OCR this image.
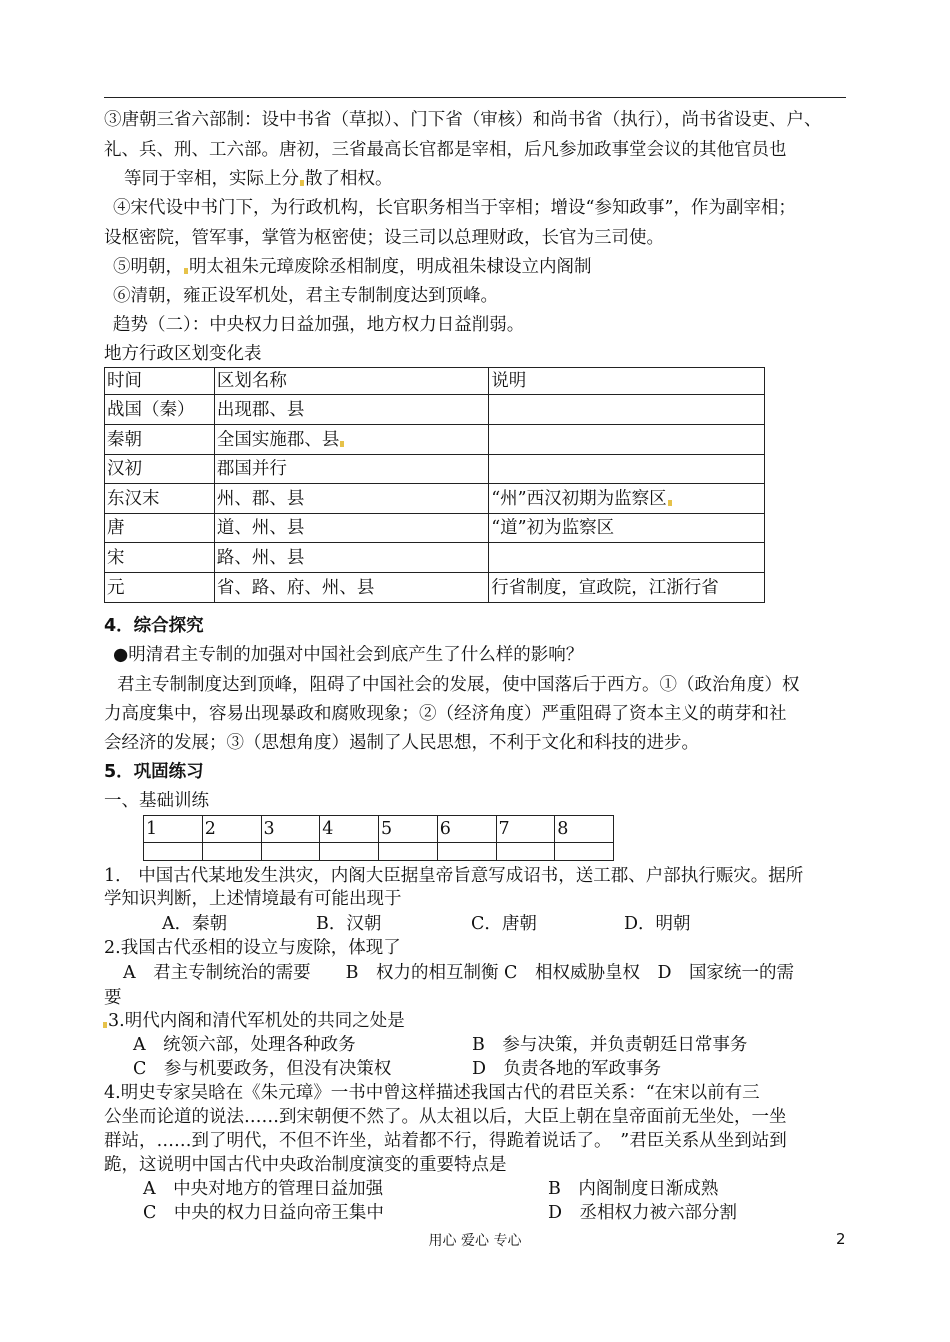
③唐朝三省六部制：设中书省（草拟）、门下省（审核）和尚书省（执行），尚书省设吏、户、
礼、兵、刑、工六部。唐初，三省最高长官都是宰相，后凡参加政事堂会议的其他官员也
等同于宰相，实际上分 散了相权。
④宋代设中书门下，为行政机构，长官职务相当于宰相；增设“参知政事”，作为副宰相；
设枢密院，管军事，掌管为枢密使；设三司以总理财政，长官为三司使。
⑤明朝， 明太祖朱元璋废除丞相制度，明成祖朱棣设立内阁制
⑥清朝，雍正设军机处，君主专制制度达到顶峰。
趋势（二）：中央权力日益加强，地方权力日益削弱。
地方行政区划变化表
时间	区划名称	说明
战国（秦）	出现郡、县	
秦朝	全国实施郡、县	
汉初	郡国并行	
东汉末	州、郡、县	“州”西汉初期为监察区
唐	道、州、县	“道”初为监察区
宋	路、州、县	
元	省、路、府、州、县	行省制度，宣政院，江浙行省
4．综合探究
●明清君主专制的加强对中国社会到底产生了什么样的影响？
君主专制制度达到顶峰，阻碍了中国社会的发展，使中国落后于西方。①（政治角度）权
力高度集中，容易出现暴政和腐败现象；②（经济角度）严重阻碍了资本主义的萌芽和社
会经济的发展；③（思想角度）遏制了人民思想，不利于文化和科技的进步。
5．巩固练习
一、基础训练
1	2	3	4	5	6	7	8

1． 中国古代某地发生洪灾，内阁大臣据皇帝旨意写成诏书，送工郡、户部执行赈灾。据所
学知识判断，上述情境最有可能出现于
A．秦朝	B．汉朝	C．唐朝	D．明朝
2.我国古代丞相的设立与废除，体现了
A　君主专制统治的需要　　B　权力的相互制衡 C　相权威胁皇权　D　国家统一的需
要
3.明代内阁和清代军机处的共同之处是
A　统领六部，处理各种政务	B　参与决策，并负责朝廷日常事务
C　参与机要政务，但没有决策权	D　负责各地的军政事务
4.明史专家吴晗在《朱元璋》一书中曾这样描述我国古代的君臣关系：“在宋以前有三
公坐而论道的说法……到宋朝便不然了。从太祖以后，大臣上朝在皇帝面前无坐处，一坐
群站，……到了明代，不但不许坐，站着都不行，得跪着说话了。　”君臣关系从坐到站到
跪，这说明中国古代中央政治制度演变的重要特点是
A　中央对地方的管理日益加强	B　内阁制度日渐成熟
C　中央的权力日益向帝王集中	D　丞相权力被六部分割
用心 爱心 专心	2
